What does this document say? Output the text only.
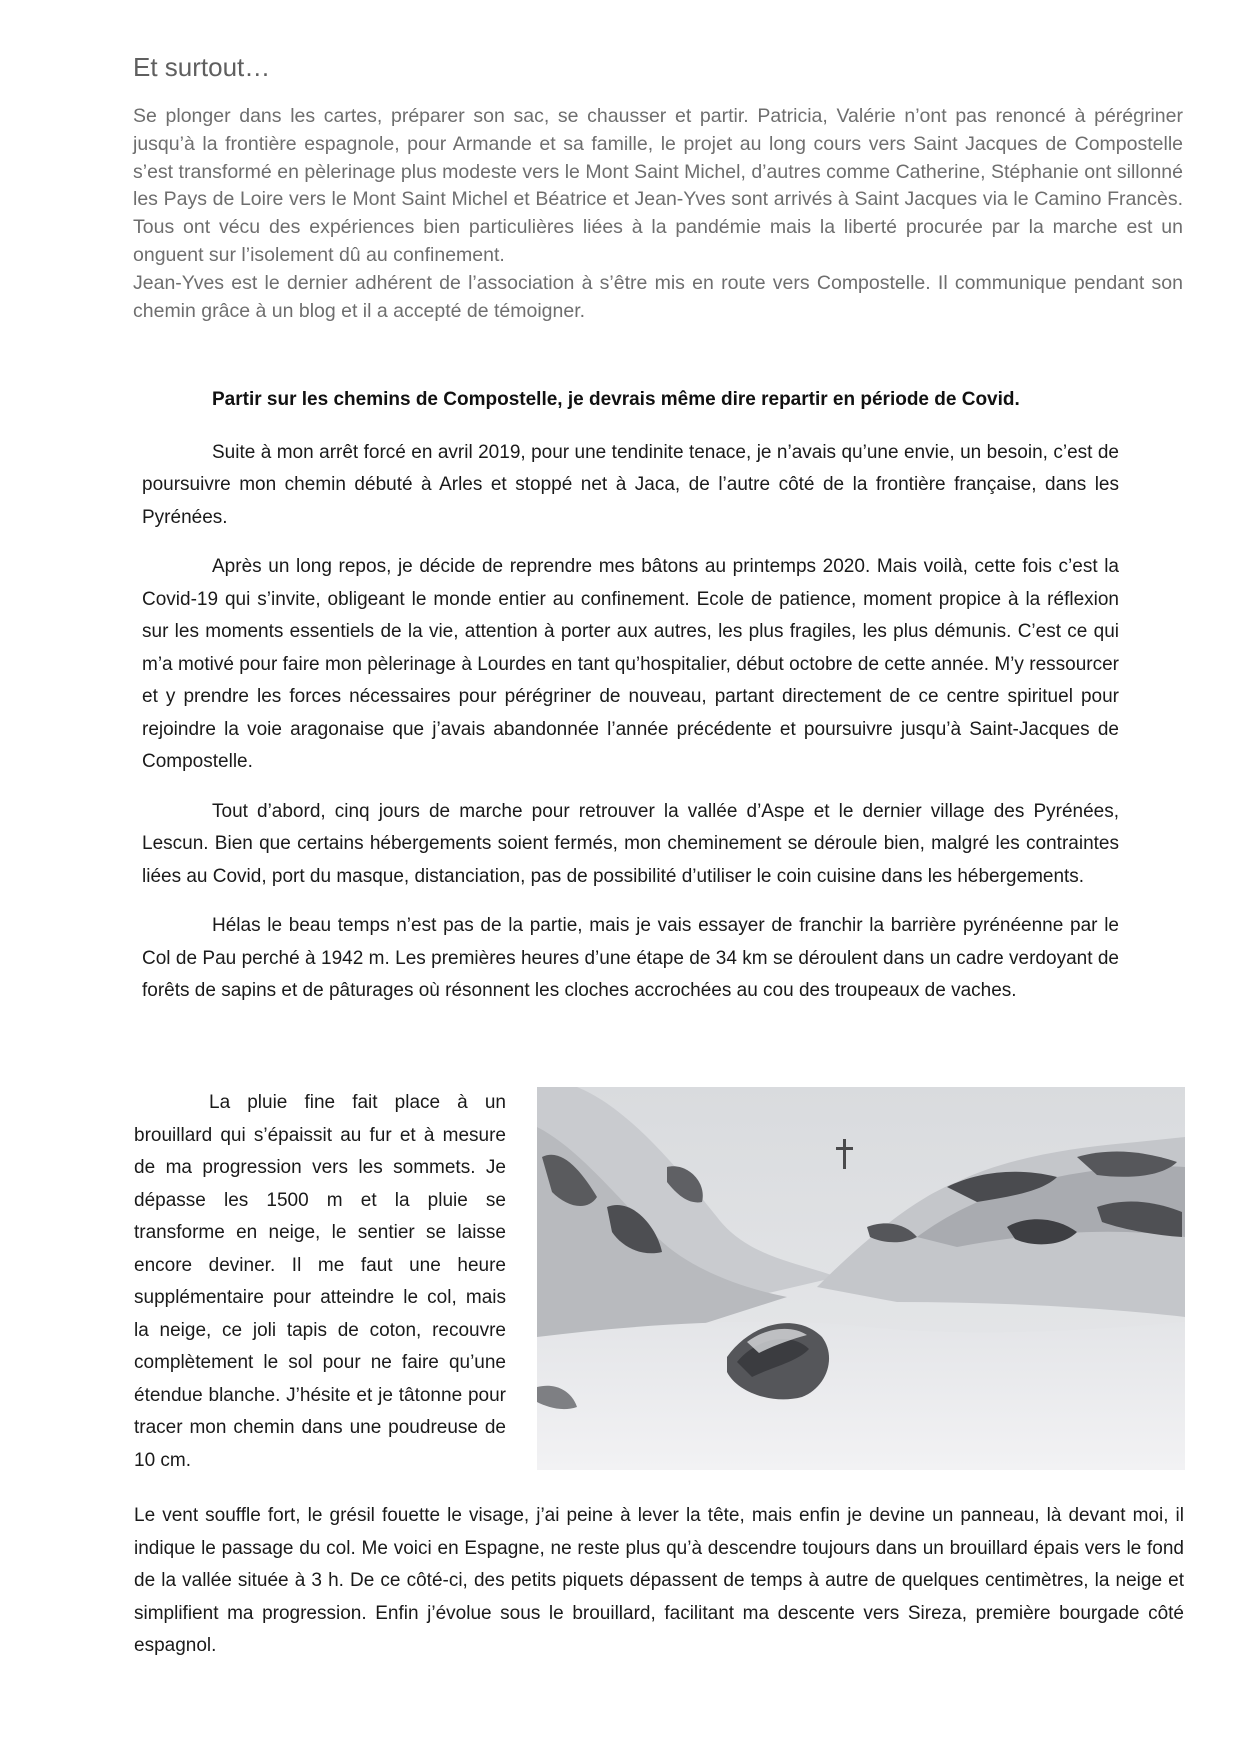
Et surtout…

Se plonger dans les cartes, préparer son sac, se chausser et partir. Patricia, Valérie n’ont pas renoncé à pérégriner jusqu’à la frontière espagnole, pour Armande et sa famille, le projet au long cours vers Saint Jacques de Compostelle s’est transformé en pèlerinage plus modeste vers le Mont Saint Michel, d’autres comme Catherine, Stéphanie ont sillonné les Pays de Loire vers le Mont Saint Michel et Béatrice et Jean-Yves sont arrivés à Saint Jacques via le Camino Francès. Tous ont vécu des expériences bien particulières liées à la pandémie mais la liberté procurée par la marche est un onguent sur l’isolement dû au confinement.

Jean-Yves est le dernier adhérent de l’association à s’être mis en route vers Compostelle. Il communique pendant son chemin grâce à un blog et il a accepté de témoigner.

Partir sur les chemins de Compostelle, je devrais même dire repartir en période de Covid.

Suite à mon arrêt forcé en avril 2019, pour une tendinite tenace, je n’avais qu’une envie, un besoin, c’est de poursuivre mon chemin débuté à Arles et stoppé net à Jaca, de l’autre côté de la frontière française, dans les Pyrénées.

Après un long repos, je décide de reprendre mes bâtons au printemps 2020. Mais voilà, cette fois c’est la Covid-19 qui s’invite, obligeant le monde entier au confinement. Ecole de patience, moment propice à la réflexion sur les moments essentiels de la vie, attention à porter aux autres, les plus fragiles, les plus démunis. C’est ce qui m’a motivé pour faire mon pèlerinage à Lourdes en tant qu’hospitalier, début octobre de cette année. M’y ressourcer et y prendre les forces nécessaires pour pérégriner de nouveau, partant directement de ce centre spirituel pour rejoindre la voie aragonaise que j’avais abandonnée l’année précédente et poursuivre jusqu’à Saint-Jacques de Compostelle.

Tout d’abord, cinq jours de marche pour retrouver la vallée d’Aspe et le dernier village des Pyrénées, Lescun. Bien que certains hébergements soient fermés, mon cheminement se déroule bien, malgré les contraintes liées au Covid, port du masque, distanciation, pas de possibilité d’utiliser le coin cuisine dans les hébergements.

Hélas le beau temps n’est pas de la partie, mais je vais essayer de franchir la barrière pyrénéenne par le Col de Pau perché à 1942 m. Les premières heures d’une étape de 34 km se déroulent dans un cadre verdoyant de forêts de sapins et de pâturages où résonnent les cloches accrochées au cou des troupeaux de vaches.

La pluie fine fait place à un brouillard qui s’épaissit au fur et à mesure de ma progression vers les sommets. Je dépasse les 1500 m et la pluie se transforme en neige, le sentier se laisse encore deviner. Il me faut une heure supplémentaire pour atteindre le col, mais la neige, ce joli tapis de coton, recouvre complètement le sol pour ne faire qu’une étendue blanche. J’hésite et je tâtonne pour tracer mon chemin dans une poudreuse de 10 cm.

Le vent souffle fort, le grésil fouette le visage, j’ai peine à lever la tête, mais enfin je devine un panneau, là devant moi, il indique le passage du col. Me voici en Espagne, ne reste plus qu’à descendre toujours dans un brouillard épais vers le fond de la vallée située à 3 h. De ce côté-ci, des petits piquets dépassent de temps à autre de quelques centimètres, la neige et simplifient ma progression. Enfin j’évolue sous le brouillard, facilitant ma descente vers Sireza, première bourgade côté espagnol.
